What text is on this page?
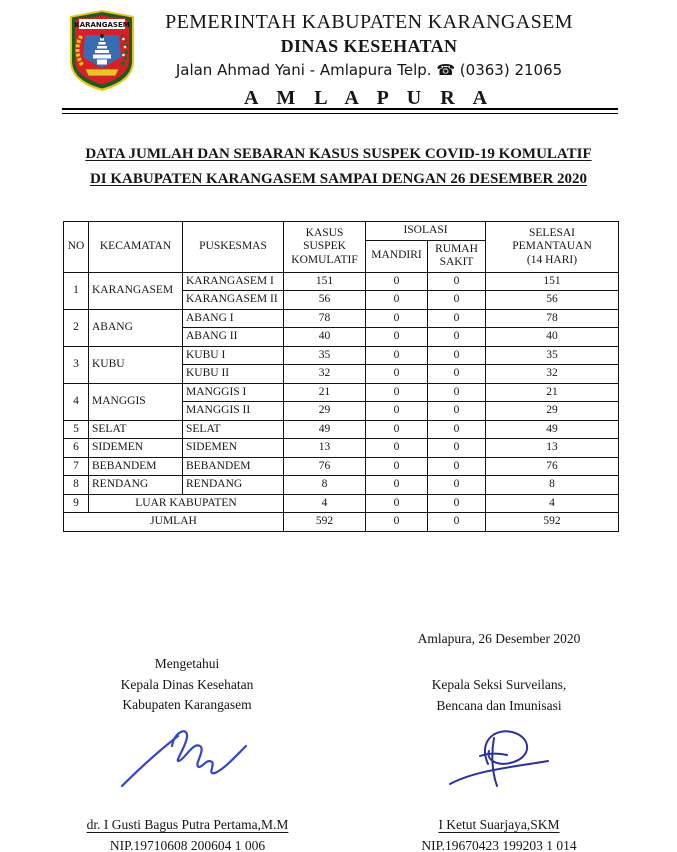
KARANGASEM	PEMERINTAH KABUPATEN KARANGASEM
DINAS KESEHATAN
Jalan Ahmad Yani - Amlapura Telp. ☎ (0363) 21065
A M L A P U R A
DATA JUMLAH DAN SEBARAN KASUS SUSPEK COVID-19 KOMULATIF
DI KABUPATEN KARANGASEM SAMPAI DENGAN 26 DESEMBER 2020
NO	KECAMATAN	PUSKESMAS	KASUS SUSPEK KOMULATIF	ISOLASI		SELESAI PEMANTAUAN (14 HARI)
				MANDIRI	RUMAH SAKIT	
1	KARANGASEM	KARANGASEM I	151	0	0	151
		KARANGASEM II	56	0	0	56
2	ABANG	ABANG I	78	0	0	78
		ABANG II	40	0	0	40
3	KUBU	KUBU I	35	0	0	35
		KUBU II	32	0	0	32
4	MANGGIS	MANGGIS I	21	0	0	21
		MANGGIS II	29	0	0	29
5	SELAT	SELAT	49	0	0	49
6	SIDEMEN	SIDEMEN	13	0	0	13
7	BEBANDEM	BEBANDEM	76	0	0	76
8	RENDANG	RENDANG	8	0	0	8
9	LUAR KABUPATEN		4	0	0	4
JUMLAH			592	0	0	592
Amlapura, 26 Desember 2020
Mengetahui
Kepala Dinas Kesehatan
Kabupaten Karangasem
Kepala Seksi Surveilans,
Bencana dan Imunisasi
dr. I Gusti Bagus Putra Pertama,M.M
NIP.19710608 200604 1 006
I Ketut Suarjaya,SKM
NIP.19670423 199203 1 014
